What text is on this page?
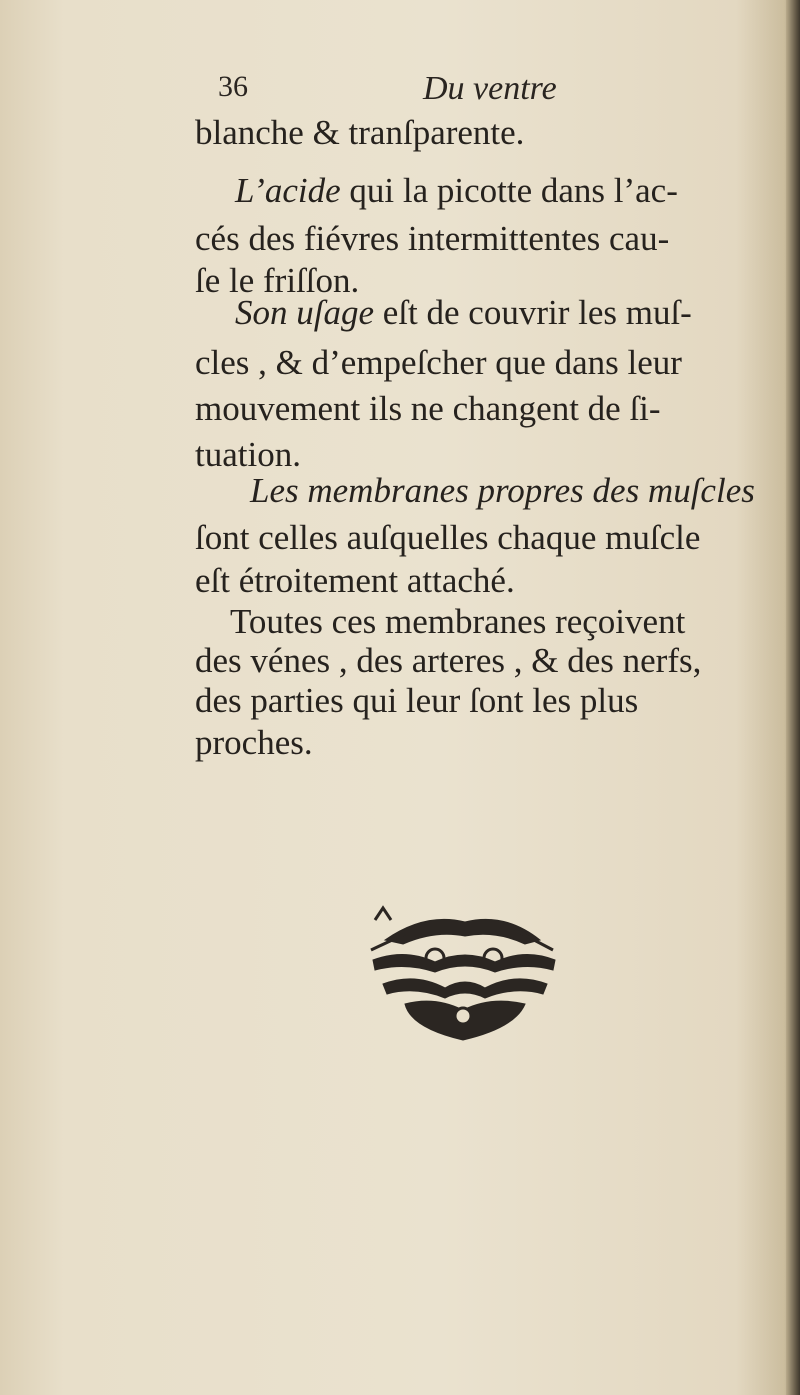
36	Du ventre
blanche & tranſparente.
L’acide qui la picotte dans l’ac-
cés des fiévres intermittentes cau-
ſe le friſſon.
Son uſage eſt de couvrir les muſ-
cles , & d’empeſcher que dans leur
mouvement ils ne changent de ſi-
tuation.
Les membranes propres des muſcles
ſont celles auſquelles chaque muſcle
eſt étroitement attaché.
Toutes ces membranes reçoivent
des vénes , des arteres , & des nerfs,
des parties qui leur ſont les plus
proches.
